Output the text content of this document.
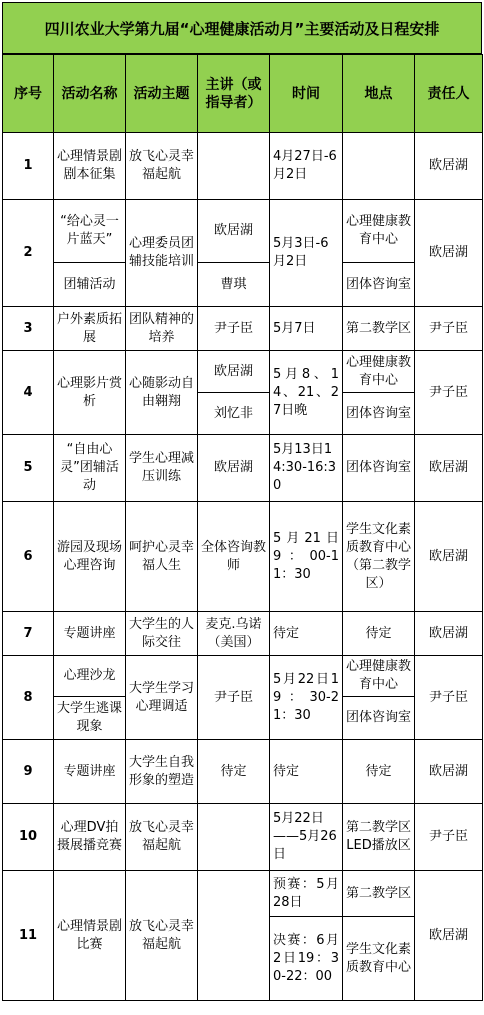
四川农业大学第九届“心理健康活动月”主要活动及日程安排
序号	活动名称	活动主题	主讲（或指导者）	时间	地点	责任人
1	心理情景剧剧本征集	放飞心灵幸福起航		4月27日-6月2日		欧居湖
2	“给心灵一片蓝天”	心理委员团辅技能培训	欧居湖	5月3日-6月2日	心理健康教育中心	欧居湖
	团辅活动		曹琪		团体咨询室	
3	户外素质拓展	团队精神的培养	尹子臣	5月7日	第二教学区	尹子臣
4	心理影片赏析	心随影动自由翱翔	欧居湖	5月8、14、21、27日晚	心理健康教育中心	尹子臣
			刘忆非		团体咨询室	
5	“自由心灵”团辅活动	学生心理减压训练	欧居湖	5月13日14:30-16:30	团体咨询室	欧居湖
6	游园及现场心理咨询	呵护心灵幸福人生	全体咨询教师	5月21日9：00-11：30	学生文化素质教育中心（第二教学区）	欧居湖
7	专题讲座	大学生的人际交往	麦克.乌诺（美国）	待定	待定	欧居湖
8	心理沙龙	大学生学习心理调适	尹子臣	5月22日19：30-21：30	心理健康教育中心	尹子臣
	大学生逃课现象				团体咨询室	
9	专题讲座	大学生自我形象的塑造	待定	待定	待定	欧居湖
10	心理DV拍摄展播竞赛	放飞心灵幸福起航		5月22日——5月26日	第二教学区LED播放区	尹子臣
11	心理情景剧比赛	放飞心灵幸福起航		预赛：5月28日	第二教学区	欧居湖
				决赛：6月2日19：30-22：00	学生文化素质教育中心	
